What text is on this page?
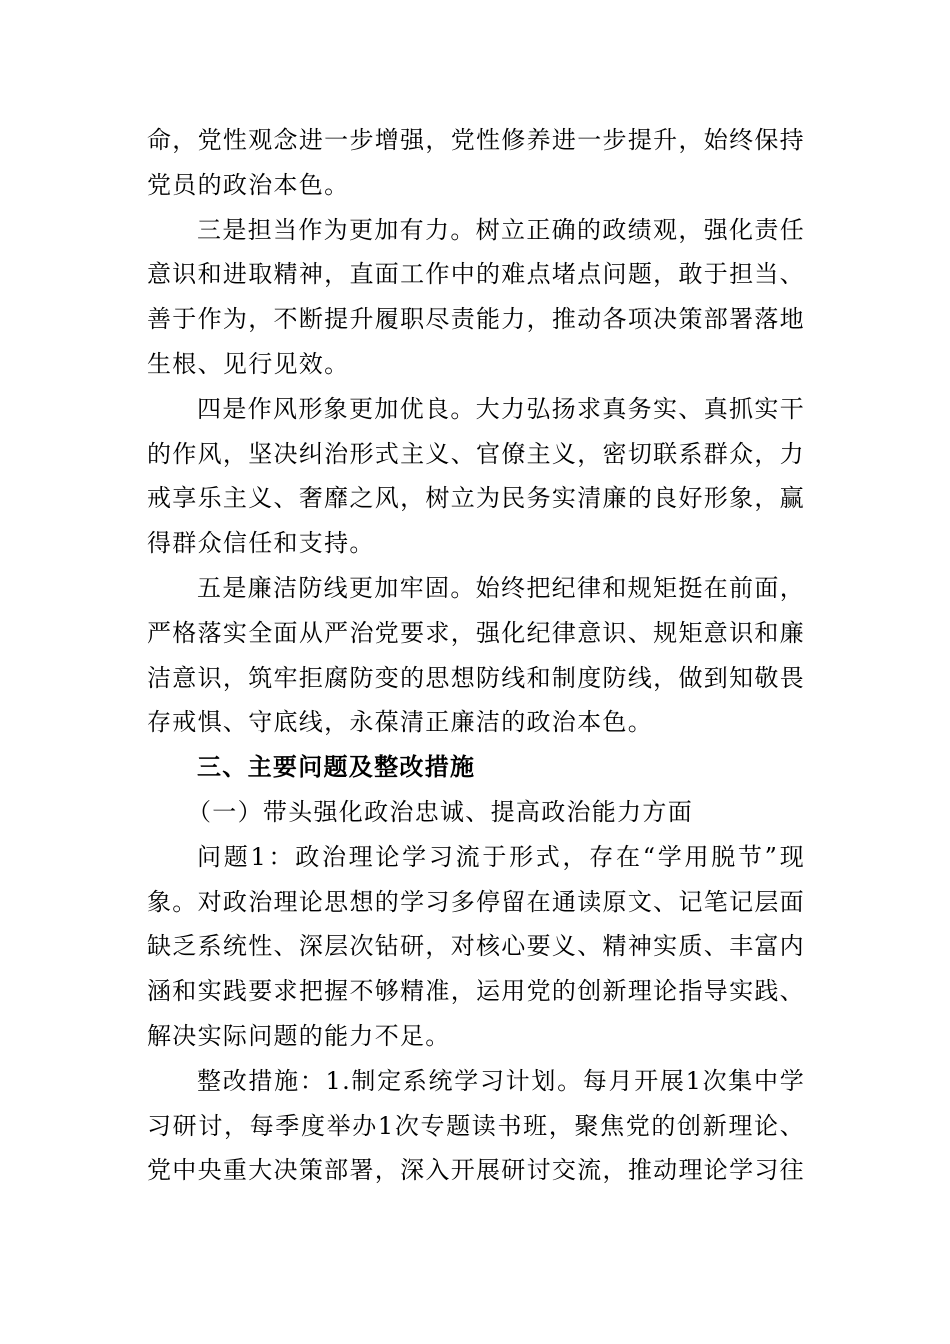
命，党性观念进一步增强，党性修养进一步提升，始终保持
党员的政治本色。
三是担当作为更加有力。树立正确的政绩观，强化责任
意识和进取精神，直面工作中的难点堵点问题，敢于担当、
善于作为，不断提升履职尽责能力，推动各项决策部署落地
生根、见行见效。
四是作风形象更加优良。大力弘扬求真务实、真抓实干
的作风，坚决纠治形式主义、官僚主义，密切联系群众，力
戒享乐主义、奢靡之风，树立为民务实清廉的良好形象，赢
得群众信任和支持。
五是廉洁防线更加牢固。始终把纪律和规矩挺在前面，
严格落实全面从严治党要求，强化纪律意识、规矩意识和廉
洁意识，筑牢拒腐防变的思想防线和制度防线，做到知敬畏
存戒惧、守底线，永葆清正廉洁的政治本色。
三、主要问题及整改措施
（一）带头强化政治忠诚、提高政治能力方面
问题1：政治理论学习流于形式，存在“学用脱节”现
象。对政治理论思想的学习多停留在通读原文、记笔记层面
缺乏系统性、深层次钻研，对核心要义、精神实质、丰富内
涵和实践要求把握不够精准，运用党的创新理论指导实践、
解决实际问题的能力不足。
整改措施：1.制定系统学习计划。每月开展1次集中学
习研讨，每季度举办1次专题读书班，聚焦党的创新理论、
党中央重大决策部署，深入开展研讨交流，推动理论学习往
